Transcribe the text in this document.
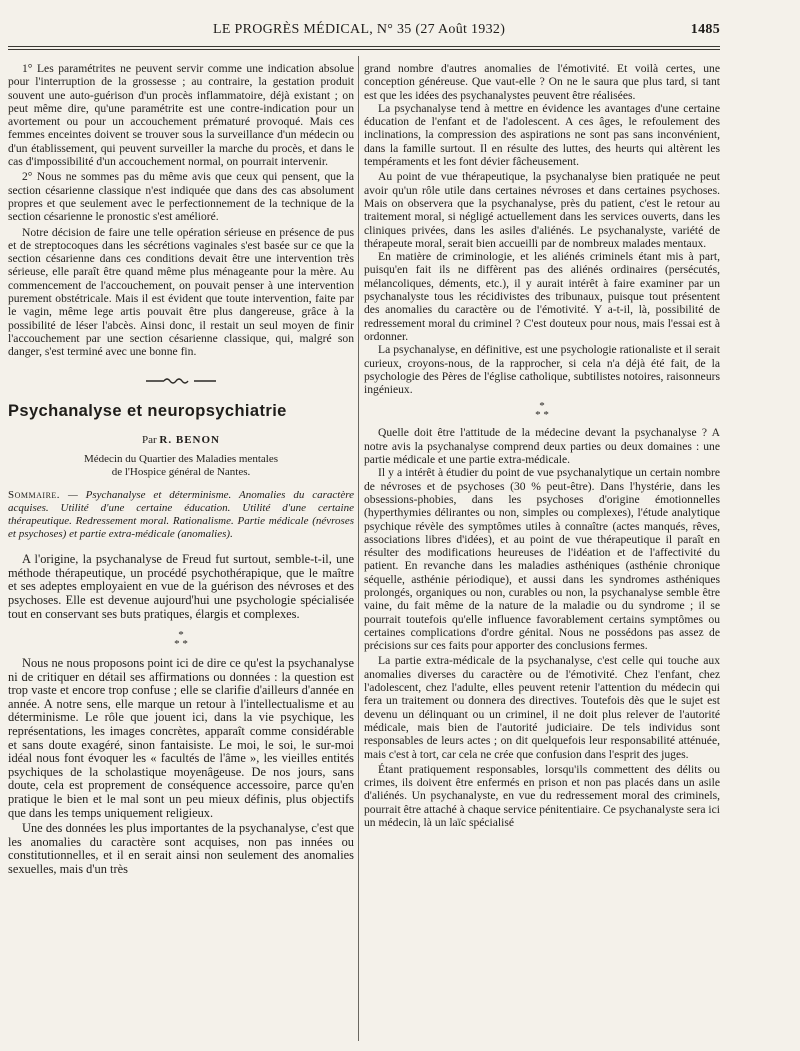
LE PROGRÈS MÉDICAL, N° 35 (27 Août 1932)	1485

1° Les paramétrites ne peuvent servir comme une indication absolue pour l'interruption de la grossesse ; au contraire, la gestation produit souvent une auto-guérison d'un procès inflammatoire, déjà existant ; on peut même dire, qu'une paramétrite est une contre-indication pour un avortement ou pour un accouchement prématuré provoqué. Mais ces femmes enceintes doivent se trouver sous la surveillance d'un médecin ou d'un établissement, qui peuvent surveiller la marche du procès, et dans le cas d'impossibilité d'un accouchement normal, on pourrait intervenir.

2° Nous ne sommes pas du même avis que ceux qui pensent, que la section césarienne classique n'est indiquée que dans des cas absolument propres et que seulement avec le perfectionnement de la technique de la section césarienne le pronostic s'est amélioré.

Notre décision de faire une telle opération sérieuse en présence de pus et de streptocoques dans les sécrétions vaginales s'est basée sur ce que la section césarienne dans ces conditions devait être une intervention très sérieuse, elle paraît être quand même plus ménageante pour la mère. Au commencement de l'accouchement, on pouvait penser à une intervention purement obstétricale. Mais il est évident que toute intervention, faite par le vagin, même lege artis pouvait être plus dangereuse, grâce à la possibilité de léser l'abcès. Ainsi donc, il restait un seul moyen de finir l'accouchement par une section césarienne classique, qui, malgré son danger, s'est terminé avec une bonne fin.

Psychanalyse et neuropsychiatrie
Par R. BENON
Médecin du Quartier des Maladies mentales
de l'Hospice général de Nantes.

Sommaire. — Psychanalyse et déterminisme. Anomalies du caractère acquises. Utilité d'une certaine éducation. Utilité d'une certaine thérapeutique. Redressement moral. Rationalisme. Partie médicale (névroses et psychoses) et partie extra-médicale (anomalies).

A l'origine, la psychanalyse de Freud fut surtout, semble-t-il, une méthode thérapeutique, un procédé psychothérapique, que le maître et ses adeptes employaient en vue de la guérison des névroses et des psychoses. Elle est devenue aujourd'hui une psychologie spécialisée tout en conservant ses buts pratiques, élargis et complexes.

*
* *

Nous ne nous proposons point ici de dire ce qu'est la psychanalyse ni de critiquer en détail ses affirmations ou données : la question est trop vaste et encore trop confuse ; elle se clarifie d'ailleurs d'année en année. A notre sens, elle marque un retour à l'intellectualisme et au déterminisme. Le rôle que jouent ici, dans la vie psychique, les représentations, les images concrètes, apparaît comme considérable et sans doute exagéré, sinon fantaisiste. Le moi, le soi, le sur-moi idéal nous font évoquer les « facultés de l'âme », les vieilles entités psychiques de la scholastique moyenâgeuse. De nos jours, sans doute, cela est proprement de conséquence accessoire, parce qu'en pratique le bien et le mal sont un peu mieux définis, plus objectifs que dans les temps uniquement religieux.

Une des données les plus importantes de la psychanalyse, c'est que les anomalies du caractère sont acquises, non pas innées ou constitutionnelles, et il en serait ainsi non seulement des anomalies sexuelles, mais d'un très

grand nombre d'autres anomalies de l'émotivité. Et voilà certes, une conception généreuse. Que vaut-elle ? On ne le saura que plus tard, si tant est que les idées des psychanalystes peuvent être réalisées.

La psychanalyse tend à mettre en évidence les avantages d'une certaine éducation de l'enfant et de l'adolescent. A ces âges, le refoulement des inclinations, la compression des aspirations ne sont pas sans inconvénient, dans la famille surtout. Il en résulte des luttes, des heurts qui altèrent les tempéraments et les font dévier fâcheusement.

Au point de vue thérapeutique, la psychanalyse bien pratiquée ne peut avoir qu'un rôle utile dans certaines névroses et dans certaines psychoses. Mais on observera que la psychanalyse, près du patient, c'est le retour au traitement moral, si négligé actuellement dans les services ouverts, dans les cliniques privées, dans les asiles d'aliénés. Le psychanalyste, variété de thérapeute moral, serait bien accueilli par de nombreux malades mentaux.

En matière de criminologie, et les aliénés criminels étant mis à part, puisqu'en fait ils ne diffèrent pas des aliénés ordinaires (persécutés, mélancoliques, déments, etc.), il y aurait intérêt à faire examiner par un psychanalyste tous les récidivistes des tribunaux, puisque tout présentent des anomalies du caractère ou de l'émotivité. Y a-t-il, là, possibilité de redressement moral du criminel ? C'est douteux pour nous, mais l'essai est à ordonner.

La psychanalyse, en définitive, est une psychologie rationaliste et il serait curieux, croyons-nous, de la rapprocher, si cela n'a déjà été fait, de la psychologie des Pères de l'église catholique, subtilistes notoires, raisonneurs ingénieux.

*
* *

Quelle doit être l'attitude de la médecine devant la psychanalyse ? A notre avis la psychanalyse comprend deux parties ou deux domaines : une partie médicale et une partie extra-médicale.

Il y a intérêt à étudier du point de vue psychanalytique un certain nombre de névroses et de psychoses (30 % peut-être). Dans l'hystérie, dans les obsessions-phobies, dans les psychoses d'origine émotionnelles (hyperthymies délirantes ou non, simples ou complexes), l'étude analytique psychique révèle des symptômes utiles à connaître (actes manqués, rêves, associations libres d'idées), et au point de vue thérapeutique il paraît en résulter des modifications heureuses de l'idéation et de l'affectivité du patient. En revanche dans les maladies asthéniques (asthénie chronique séquelle, asthénie périodique), et aussi dans les syndromes asthéniques prolongés, organiques ou non, curables ou non, la psychanalyse semble être vaine, du fait même de la nature de la maladie ou du syndrome ; il se pourrait toutefois qu'elle influence favorablement certains symptômes ou certaines complications d'ordre génital. Nous ne possédons pas assez de précisions sur ces faits pour apporter des conclusions fermes.

La partie extra-médicale de la psychanalyse, c'est celle qui touche aux anomalies diverses du caractère ou de l'émotivité. Chez l'enfant, chez l'adolescent, chez l'adulte, elles peuvent retenir l'attention du médecin qui fera un traitement ou donnera des directives. Toutefois dès que le sujet est devenu un délinquant ou un criminel, il ne doit plus relever de l'autorité médicale, mais bien de l'autorité judiciaire. De tels individus sont responsables de leurs actes ; on dit quelquefois leur responsabilité atténuée, mais c'est à tort, car cela ne crée que confusion dans l'esprit des juges.

Étant pratiquement responsables, lorsqu'ils commettent des délits ou crimes, ils doivent être enfermés en prison et non pas placés dans un asile d'aliénés. Un psychanalyste, en vue du redressement moral des criminels, pourrait être attaché à chaque service pénitentiaire. Ce psychanalyste sera ici un médecin, là un laïc spécialisé
